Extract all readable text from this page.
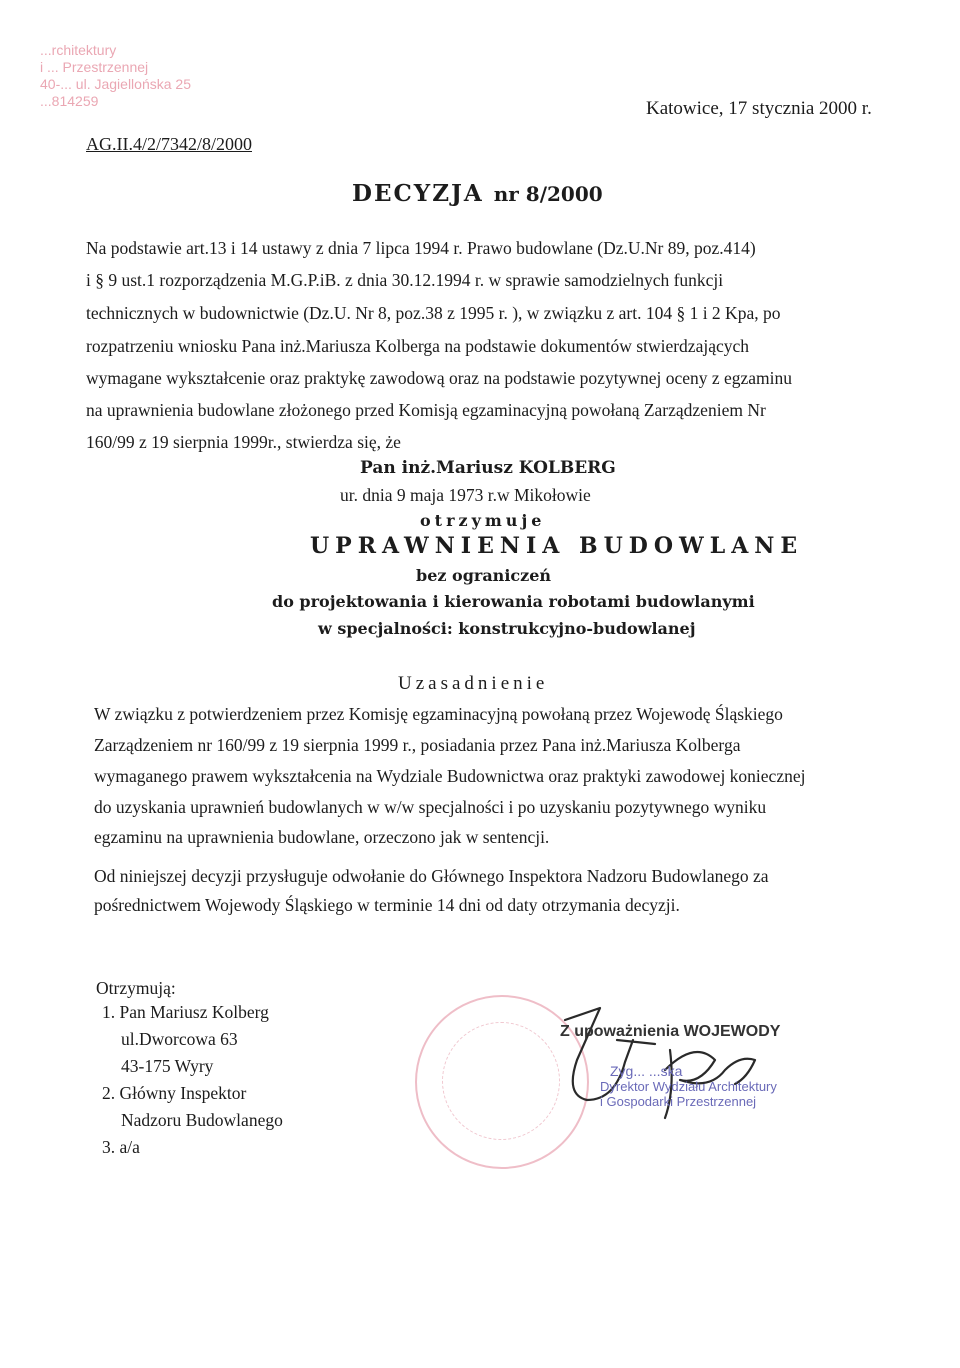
...rchitektury
i ... Przestrzennej
40-... ul. Jagiellońska 25
...814259	Katowice, 17 stycznia 2000 r.
AG.II.4/2/7342/8/2000
DECYZJA nr 8/2000
Na podstawie art.13 i 14 ustawy z dnia 7 lipca 1994 r. Prawo budowlane (Dz.U.Nr 89, poz.414)
i § 9 ust.1 rozporządzenia M.G.P.iB. z dnia 30.12.1994 r. w sprawie samodzielnych funkcji
technicznych w budownictwie (Dz.U. Nr 8, poz.38 z 1995 r. ), w związku z art. 104 § 1 i 2 Kpa, po
rozpatrzeniu wniosku Pana inż.Mariusza Kolberga na podstawie dokumentów stwierdzających
wymagane wykształcenie oraz praktykę zawodową oraz na podstawie pozytywnej oceny z egzaminu
na uprawnienia budowlane złożonego przed Komisją egzaminacyjną powołaną Zarządzeniem Nr
160/99 z 19 sierpnia 1999r., stwierdza się, że
Pan inż.Mariusz KOLBERG
ur. dnia 9 maja 1973 r.w Mikołowie
otrzymuje
UPRAWNIENIA BUDOWLANE
bez ograniczeń
do projektowania i kierowania robotami budowlanymi
w specjalności: konstrukcyjno-budowlanej
Uzasadnienie
W związku z potwierdzeniem przez Komisję egzaminacyjną powołaną przez Wojewodę Śląskiego
Zarządzeniem nr 160/99 z 19 sierpnia 1999 r., posiadania przez Pana inż.Mariusza Kolberga
wymaganego prawem wykształcenia na Wydziale Budownictwa oraz praktyki zawodowej koniecznej
do uzyskania uprawnień budowlanych w w/w specjalności i po uzyskaniu pozytywnego wyniku
egzaminu na uprawnienia budowlane, orzeczono jak w sentencji.
Od niniejszej decyzji przysługuje odwołanie do Głównego Inspektora Nadzoru Budowlanego za
pośrednictwem Wojewody Śląskiego w terminie 14 dni od daty otrzymania decyzji.
Otrzymują:
1. Pan Mariusz Kolberg
ul.Dworcowa 63
43-175 Wyry
2. Główny Inspektor
Nadzoru Budowlanego
3. a/a
Z upoważnienia WOJEWODY
Zyg... ...ska
Dyrektor Wydziału Architektury
i Gospodarki Przestrzennej
